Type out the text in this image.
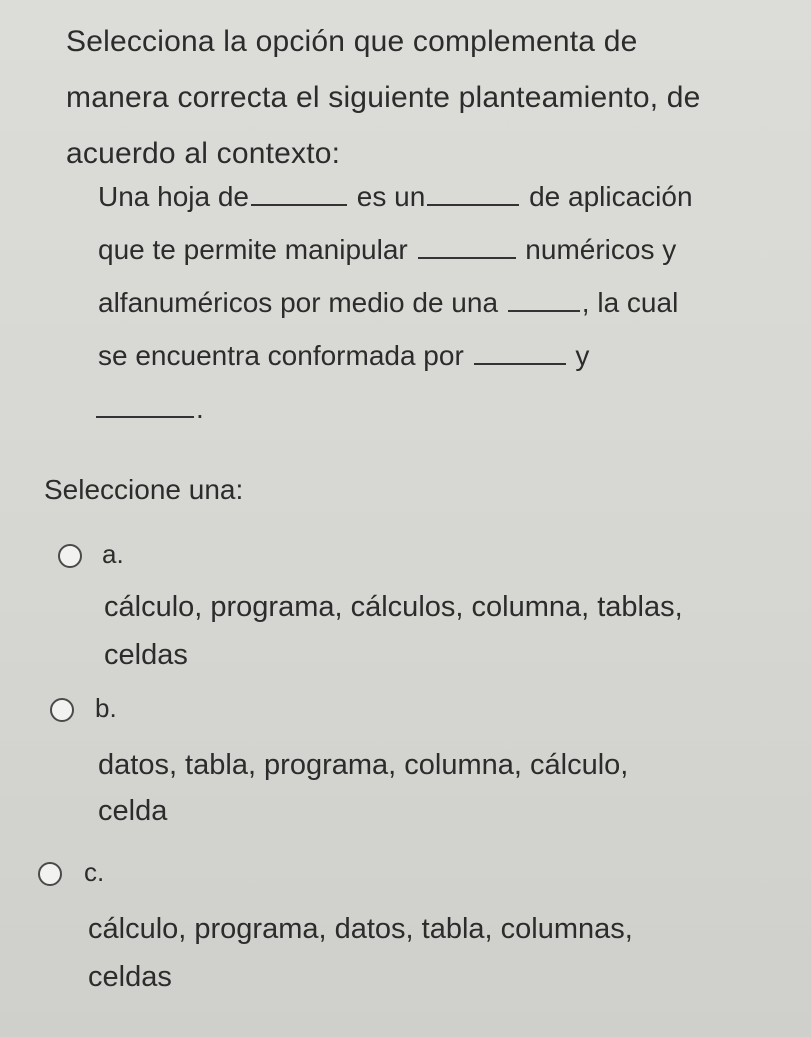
Selecciona la opción que complementa de
manera correcta el siguiente planteamiento, de
acuerdo al contexto:
Una hoja de	es un	de aplicación
que te permite manipular	numéricos y
alfanuméricos por medio de una	, la cual
se encuentra conformada por	y
.
Seleccione una:
a.
cálculo, programa, cálculos, columna, tablas,
celdas
b.
datos, tabla, programa, columna, cálculo,
celda
c.
cálculo, programa, datos, tabla, columnas,
celdas
